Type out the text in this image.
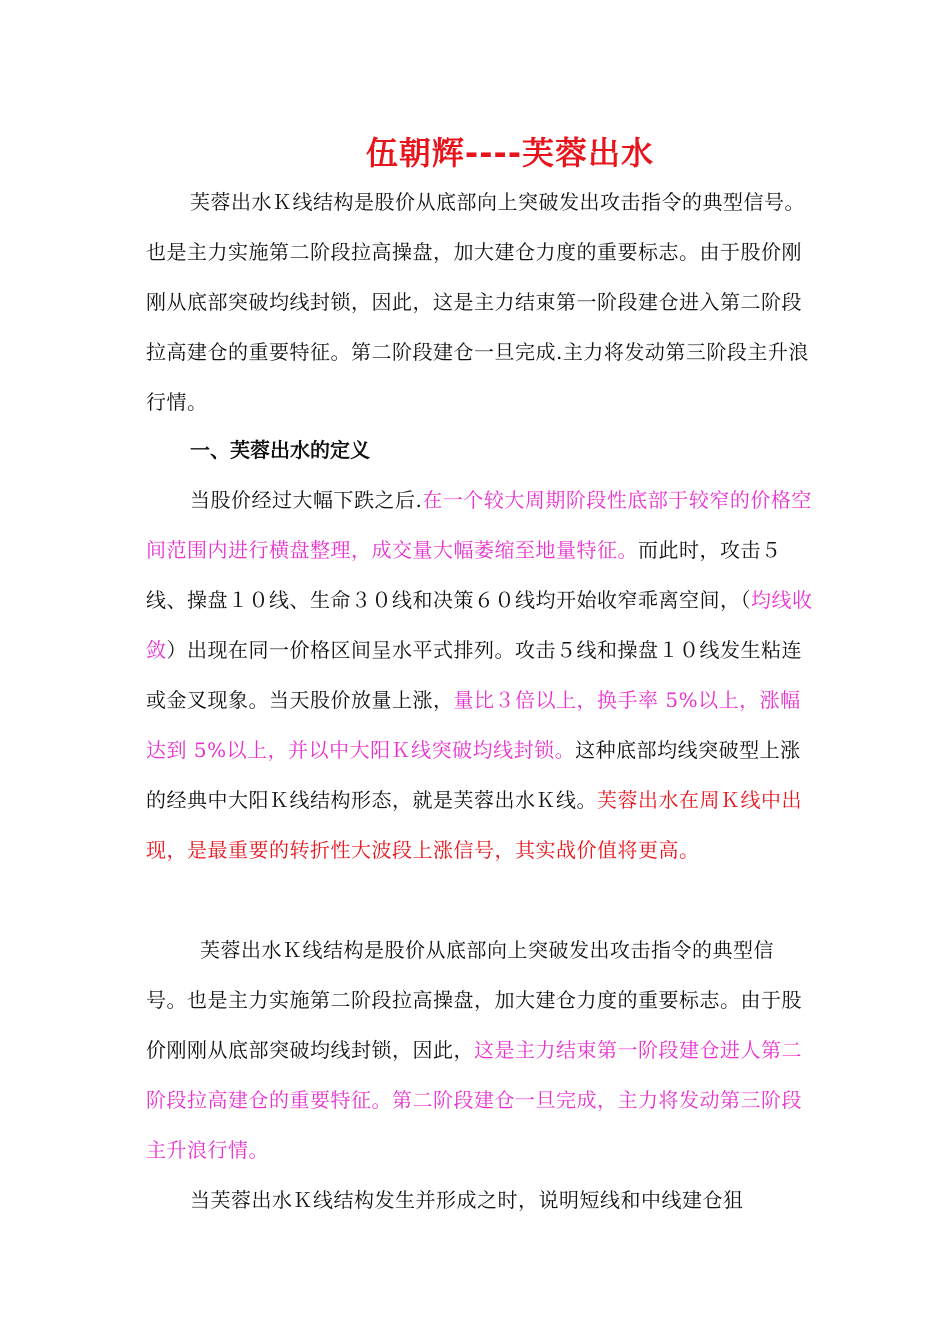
伍朝辉----芙蓉出水

芙蓉出水Ｋ线结构是股价从底部向上突破发出攻击指令的典型信号。也是主力实施第二阶段拉高操盘，加大建仓力度的重要标志。由于股价刚刚从底部突破均线封锁，因此，这是主力结束第一阶段建仓进入第二阶段拉高建仓的重要特征。第二阶段建仓一旦完成.主力将发动第三阶段主升浪行情。

一、芙蓉出水的定义

当股价经过大幅下跌之后.在一个较大周期阶段性底部于较窄的价格空间范围内进行横盘整理，成交量大幅萎缩至地量特征。而此时，攻击５线、操盘１０线、生命３０线和决策６０线均开始收窄乖离空间，（均线收敛）出现在同一价格区间呈水平式排列。攻击５线和操盘１０线发生粘连或金叉现象。当天股价放量上涨，量比３倍以上，换手率 5%以上，涨幅达到 5%以上，并以中大阳Ｋ线突破均线封锁。这种底部均线突破型上涨的经典中大阳Ｋ线结构形态，就是芙蓉出水Ｋ线。芙蓉出水在周Ｋ线中出现，是最重要的转折性大波段上涨信号，其实战价值将更高。

芙蓉出水Ｋ线结构是股价从底部向上突破发出攻击指令的典型信号。也是主力实施第二阶段拉高操盘，加大建仓力度的重要标志。由于股价刚刚从底部突破均线封锁，因此，这是主力结束第一阶段建仓进人第二阶段拉高建仓的重要特征。第二阶段建仓一旦完成，主力将发动第三阶段主升浪行情。

当芙蓉出水Ｋ线结构发生并形成之时，说明短线和中线建仓狙
